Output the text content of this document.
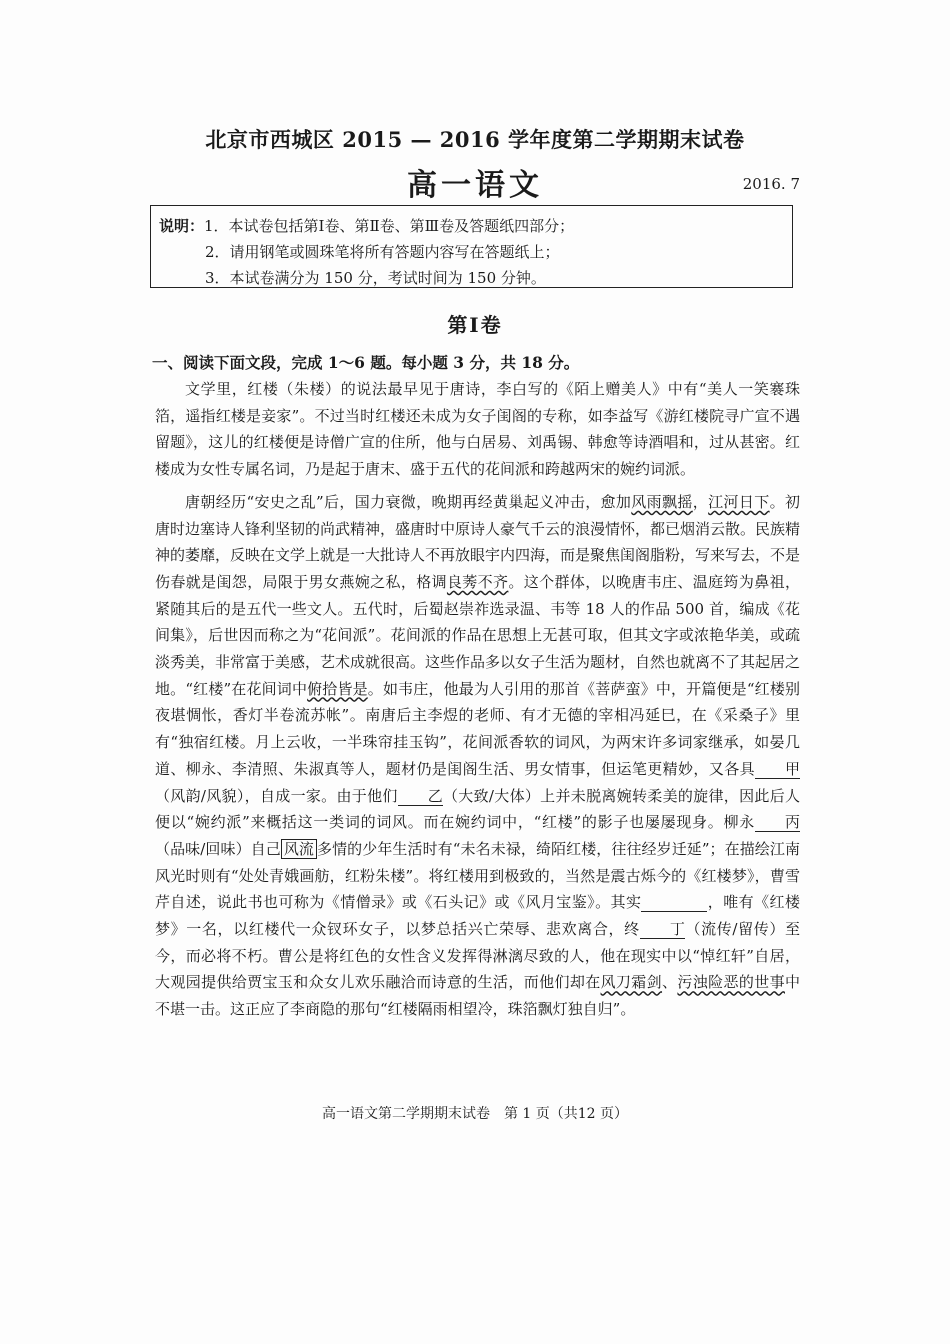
北京市西城区 2015 — 2016 学年度第二学期期末试卷
高一语文	2016. 7
说明：1．本试卷包括第Ⅰ卷、第Ⅱ卷、第Ⅲ卷及答题纸四部分；
2．请用钢笔或圆珠笔将所有答题内容写在答题纸上；
3．本试卷满分为 150 分，考试时间为 150 分钟。
第Ⅰ卷
一、阅读下面文段，完成 1～6 题。每小题 3 分，共 18 分。

文学里，红楼（朱楼）的说法最早见于唐诗，李白写的《陌上赠美人》中有“美人一笑褰珠箔，遥指红楼是妾家”。不过当时红楼还未成为女子闺阁的专称，如李益写《游红楼院寻广宣不遇留题》，这儿的红楼便是诗僧广宣的住所，他与白居易、刘禹锡、韩愈等诗酒唱和，过从甚密。红楼成为女性专属名词，乃是起于唐末、盛于五代的花间派和跨越两宋的婉约词派。

唐朝经历“安史之乱”后，国力衰微，晚期再经黄巢起义冲击，愈加风雨飘摇，江河日下。初唐时边塞诗人锋利坚韧的尚武精神，盛唐时中原诗人豪气千云的浪漫情怀，都已烟消云散。民族精神的萎靡，反映在文学上就是一大批诗人不再放眼宇内四海，而是聚焦闺阁脂粉，写来写去，不是伤春就是闺怨，局限于男女燕婉之私，格调良莠不齐。这个群体，以晚唐韦庄、温庭筠为鼻祖，紧随其后的是五代一些文人。五代时，后蜀赵崇祚选录温、韦等 18 人的作品 500 首，编成《花间集》，后世因而称之为“花间派”。花间派的作品在思想上无甚可取，但其文字或浓艳华美，或疏淡秀美，非常富于美感，艺术成就很高。这些作品多以女子生活为题材，自然也就离不了其起居之地。“红楼”在花间词中俯拾皆是。如韦庄，他最为人引用的那首《菩萨蛮》中，开篇便是“红楼别夜堪惆怅，香灯半卷流苏帐”。南唐后主李煜的老师、有才无德的宰相冯延巳，在《采桑子》里有“独宿红楼。月上云收，一半珠帘挂玉钩”，花间派香软的词风，为两宋许多词家继承，如晏几道、柳永、李清照、朱淑真等人，题材仍是闺阁生活、男女情事，但运笔更精妙，又各具 甲（风韵/风貌），自成一家。由于他们 乙（大致/大体）上并未脱离婉转柔美的旋律，因此后人便以“婉约派”来概括这一类词的词风。而在婉约词中，“红楼”的影子也屡屡现身。柳永 丙（品味/回味）自己 风流 多情的少年生活时有“未名未禄，绮陌红楼，往往经岁迁延”；在描绘江南风光时则有“处处青娥画舫，红粉朱楼”。将红楼用到极致的，当然是震古烁今的《红楼梦》，曹雪芹自述，说此书也可称为《情僧录》或《石头记》或《风月宝鉴》。其实	，唯有《红楼梦》一名，以红楼代一众钗环女子，以梦总括兴亡荣辱、悲欢离合，终 丁（流传/留传）至今，而必将不朽。曹公是将红色的女性含义发挥得淋漓尽致的人，他在现实中以“悼红轩”自居，大观园提供给贾宝玉和众女儿欢乐融洽而诗意的生活，而他们却在风刀霜剑、污浊险恶的世事中不堪一击。这正应了李商隐的那句“红楼隔雨相望冷，珠箔飘灯独自归”。

高一语文第二学期期末试卷　第 1 页（共12 页）
